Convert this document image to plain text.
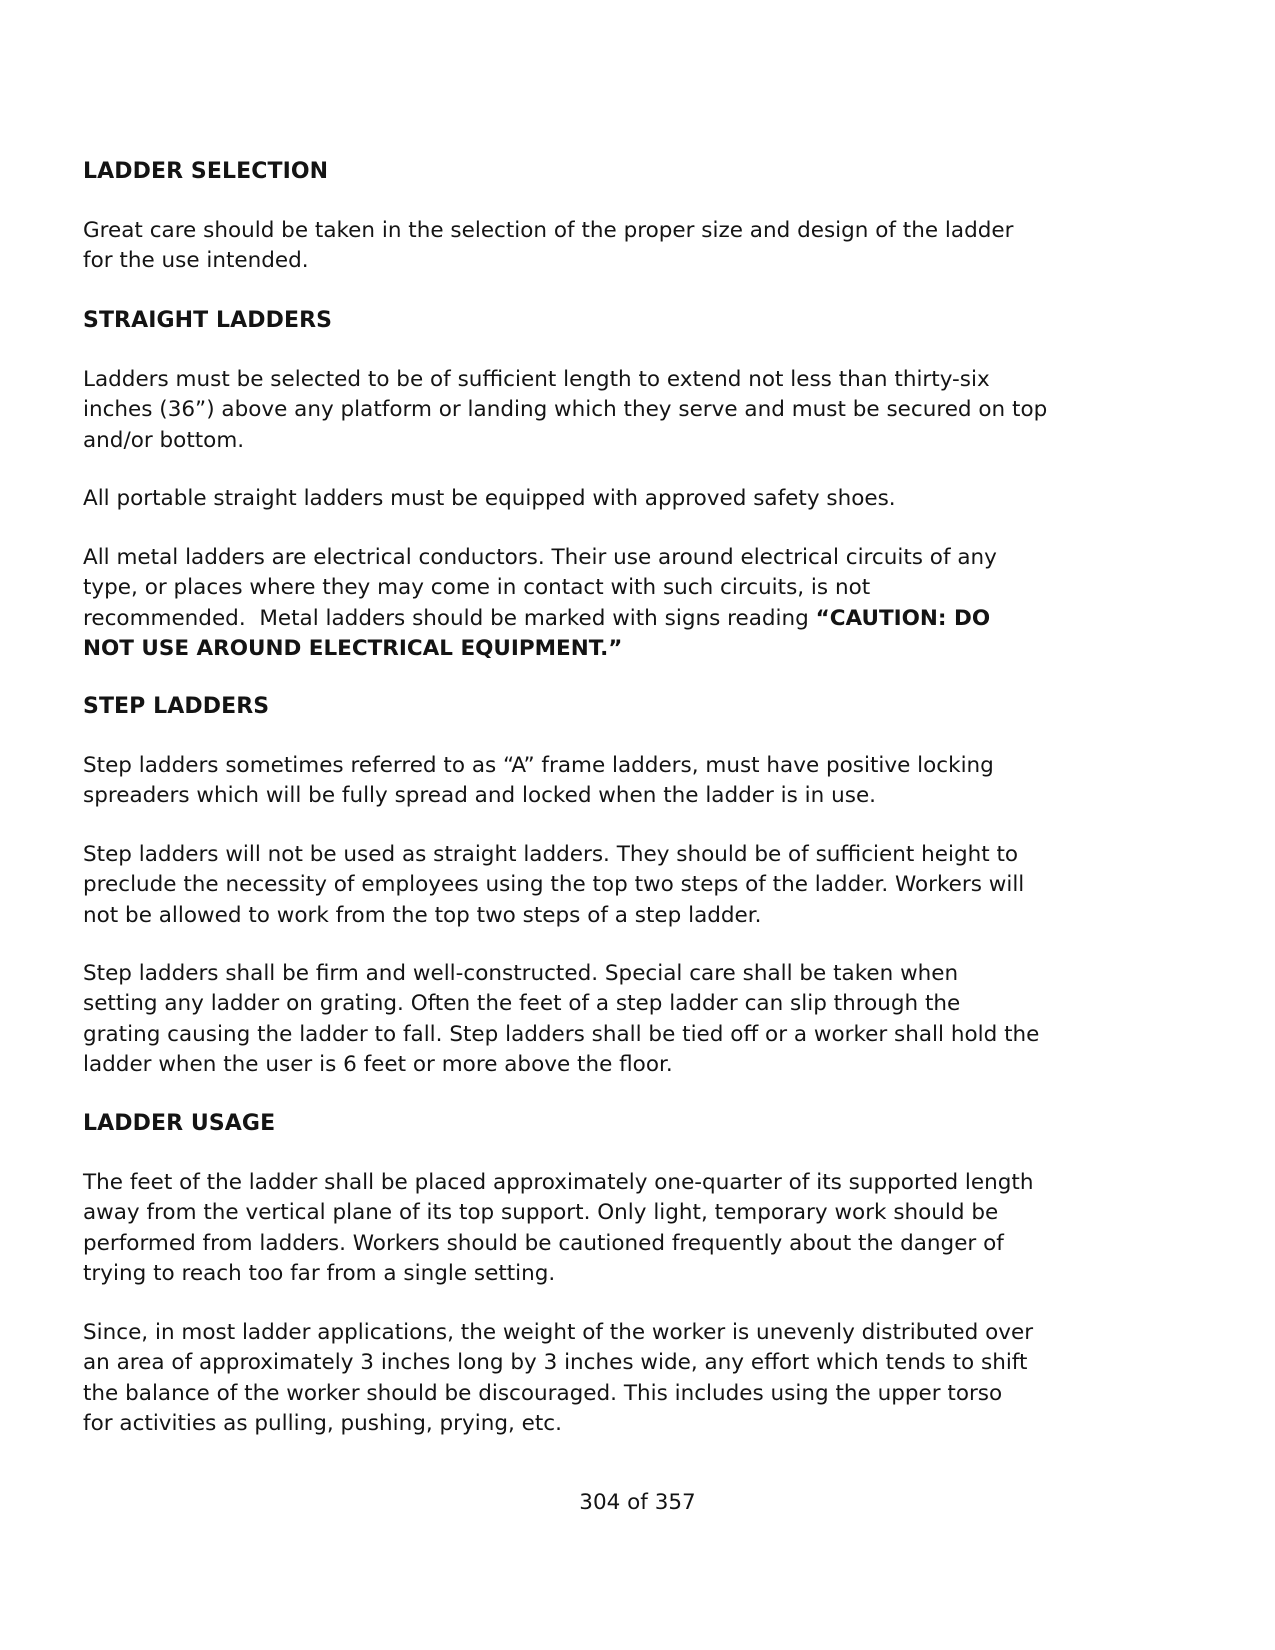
LADDER SELECTION

Great care should be taken in the selection of the proper size and design of the ladder
for the use intended.

STRAIGHT LADDERS

Ladders must be selected to be of sufficient length to extend not less than thirty-six
inches (36”) above any platform or landing which they serve and must be secured on top
and/or bottom.

All portable straight ladders must be equipped with approved safety shoes.

All metal ladders are electrical conductors. Their use around electrical circuits of any
type, or places where they may come in contact with such circuits, is not
recommended.  Metal ladders should be marked with signs reading “CAUTION: DO
NOT USE AROUND ELECTRICAL EQUIPMENT.”

STEP LADDERS

Step ladders sometimes referred to as “A” frame ladders, must have positive locking
spreaders which will be fully spread and locked when the ladder is in use.

Step ladders will not be used as straight ladders. They should be of sufficient height to
preclude the necessity of employees using the top two steps of the ladder. Workers will
not be allowed to work from the top two steps of a step ladder.

Step ladders shall be firm and well-constructed. Special care shall be taken when
setting any ladder on grating. Often the feet of a step ladder can slip through the
grating causing the ladder to fall. Step ladders shall be tied off or a worker shall hold the
ladder when the user is 6 feet or more above the floor.

LADDER USAGE

The feet of the ladder shall be placed approximately one-quarter of its supported length
away from the vertical plane of its top support. Only light, temporary work should be
performed from ladders. Workers should be cautioned frequently about the danger of
trying to reach too far from a single setting.

Since, in most ladder applications, the weight of the worker is unevenly distributed over
an area of approximately 3 inches long by 3 inches wide, any effort which tends to shift
the balance of the worker should be discouraged. This includes using the upper torso
for activities as pulling, pushing, prying, etc.

304 of 357
